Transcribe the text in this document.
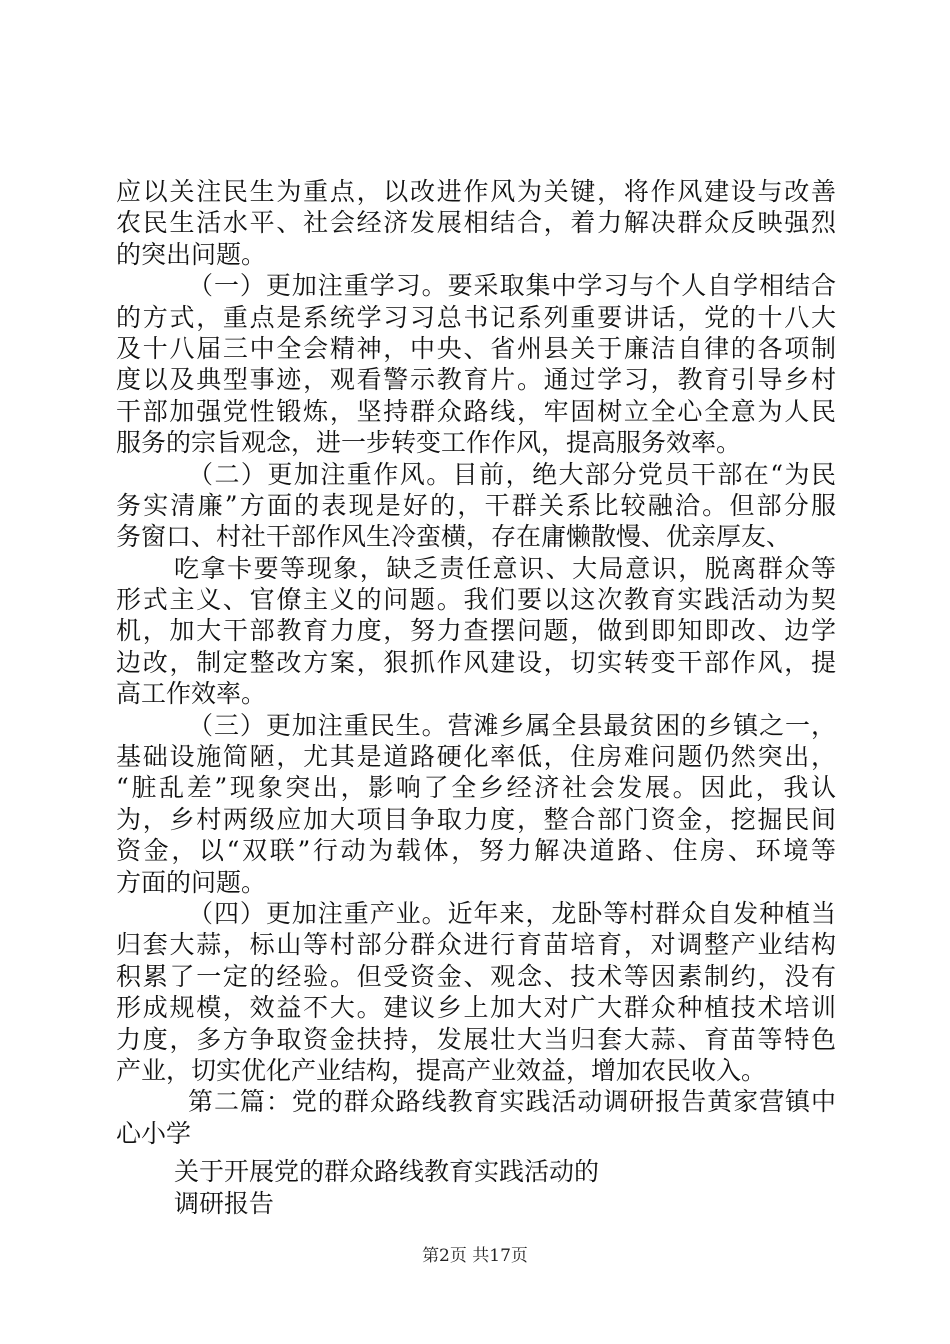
应以关注民生为重点，以改进作风为关键，将作风建设与改善
农民生活水平、社会经济发展相结合，着力解决群众反映强烈
的突出问题。
（一）更加注重学习。要采取集中学习与个人自学相结合
的方式，重点是系统学习习总书记系列重要讲话，党的十八大
及十八届三中全会精神，中央、省州县关于廉洁自律的各项制
度以及典型事迹，观看警示教育片。通过学习，教育引导乡村
干部加强党性锻炼，坚持群众路线，牢固树立全心全意为人民
服务的宗旨观念，进一步转变工作作风，提高服务效率。
（二）更加注重作风。目前，绝大部分党员干部在“为民
务实清廉”方面的表现是好的，干群关系比较融洽。但部分服
务窗口、村社干部作风生冷蛮横，存在庸懒散慢、优亲厚友、
吃拿卡要等现象，缺乏责任意识、大局意识，脱离群众等
形式主义、官僚主义的问题。我们要以这次教育实践活动为契
机，加大干部教育力度，努力查摆问题，做到即知即改、边学
边改，制定整改方案，狠抓作风建设，切实转变干部作风，提
高工作效率。
（三）更加注重民生。营滩乡属全县最贫困的乡镇之一，
基础设施简陋，尤其是道路硬化率低，住房难问题仍然突出，
“脏乱差”现象突出，影响了全乡经济社会发展。因此，我认
为，乡村两级应加大项目争取力度，整合部门资金，挖掘民间
资金，以“双联”行动为载体，努力解决道路、住房、环境等
方面的问题。
（四）更加注重产业。近年来，龙卧等村群众自发种植当
归套大蒜，标山等村部分群众进行育苗培育，对调整产业结构
积累了一定的经验。但受资金、观念、技术等因素制约，没有
形成规模，效益不大。建议乡上加大对广大群众种植技术培训
力度，多方争取资金扶持，发展壮大当归套大蒜、育苗等特色
产业，切实优化产业结构，提高产业效益，增加农民收入。
第二篇：党的群众路线教育实践活动调研报告黄家营镇中
心小学
关于开展党的群众路线教育实践活动的
调研报告
第2页 共17页
